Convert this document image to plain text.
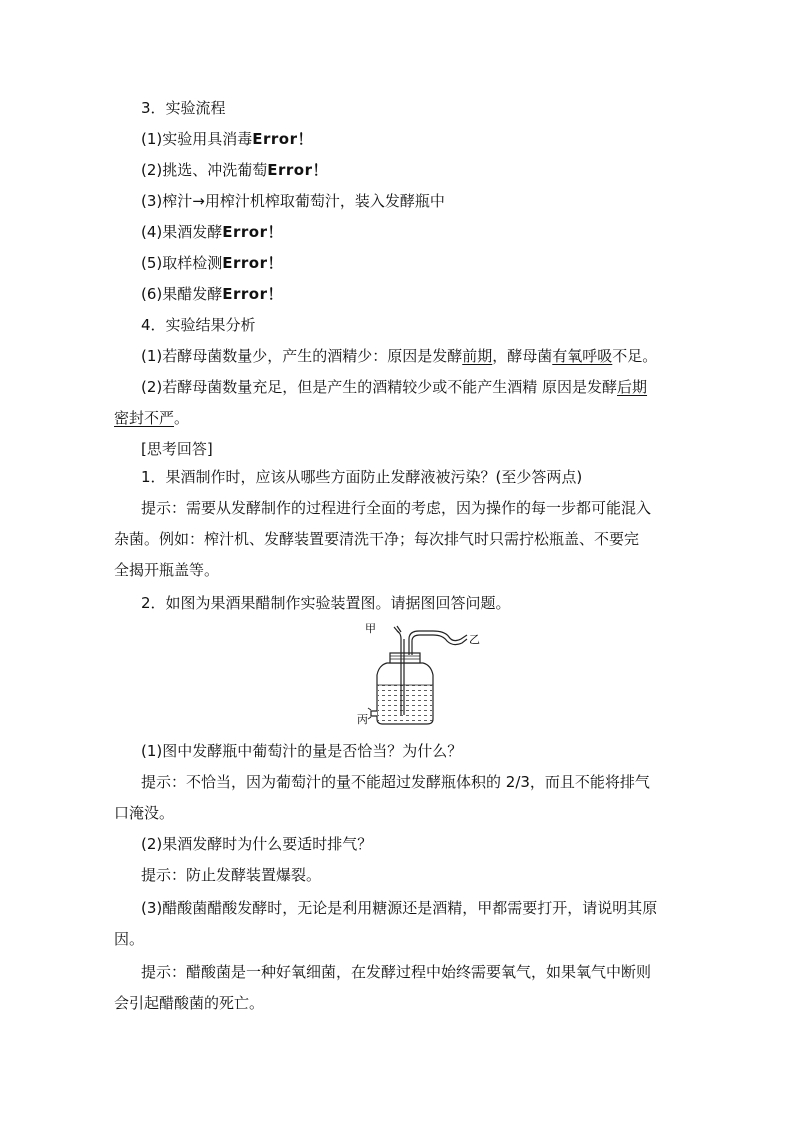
3．实验流程
(1)实验用具消毒Error！
(2)挑选、冲洗葡萄Error！
(3)榨汁→用榨汁机榨取葡萄汁，装入发酵瓶中
(4)果酒发酵Error！
(5)取样检测Error！
(6)果醋发酵Error！
4．实验结果分析
(1)若酵母菌数量少，产生的酒精少：原因是发酵前期，酵母菌有氧呼吸不足。
(2)若酵母菌数量充足，但是产生的酒精较少或不能产生酒精 原因是发酵后期
密封不严。
[思考回答]
1．果酒制作时，应该从哪些方面防止发酵液被污染？(至少答两点)
提示：需要从发酵制作的过程进行全面的考虑，因为操作的每一步都可能混入
杂菌。例如：榨汁机、发酵装置要清洗干净；每次排气时只需拧松瓶盖、不要完
全揭开瓶盖等。
2．如图为果酒果醋制作实验装置图。请据图回答问题。
甲
乙
丙
(1)图中发酵瓶中葡萄汁的量是否恰当？为什么？
提示：不恰当，因为葡萄汁的量不能超过发酵瓶体积的 2/3，而且不能将排气
口淹没。
(2)果酒发酵时为什么要适时排气？
提示：防止发酵装置爆裂。
(3)醋酸菌醋酸发酵时，无论是利用糖源还是酒精，甲都需要打开，请说明其原
因。
提示：醋酸菌是一种好氧细菌，在发酵过程中始终需要氧气，如果氧气中断则
会引起醋酸菌的死亡。
